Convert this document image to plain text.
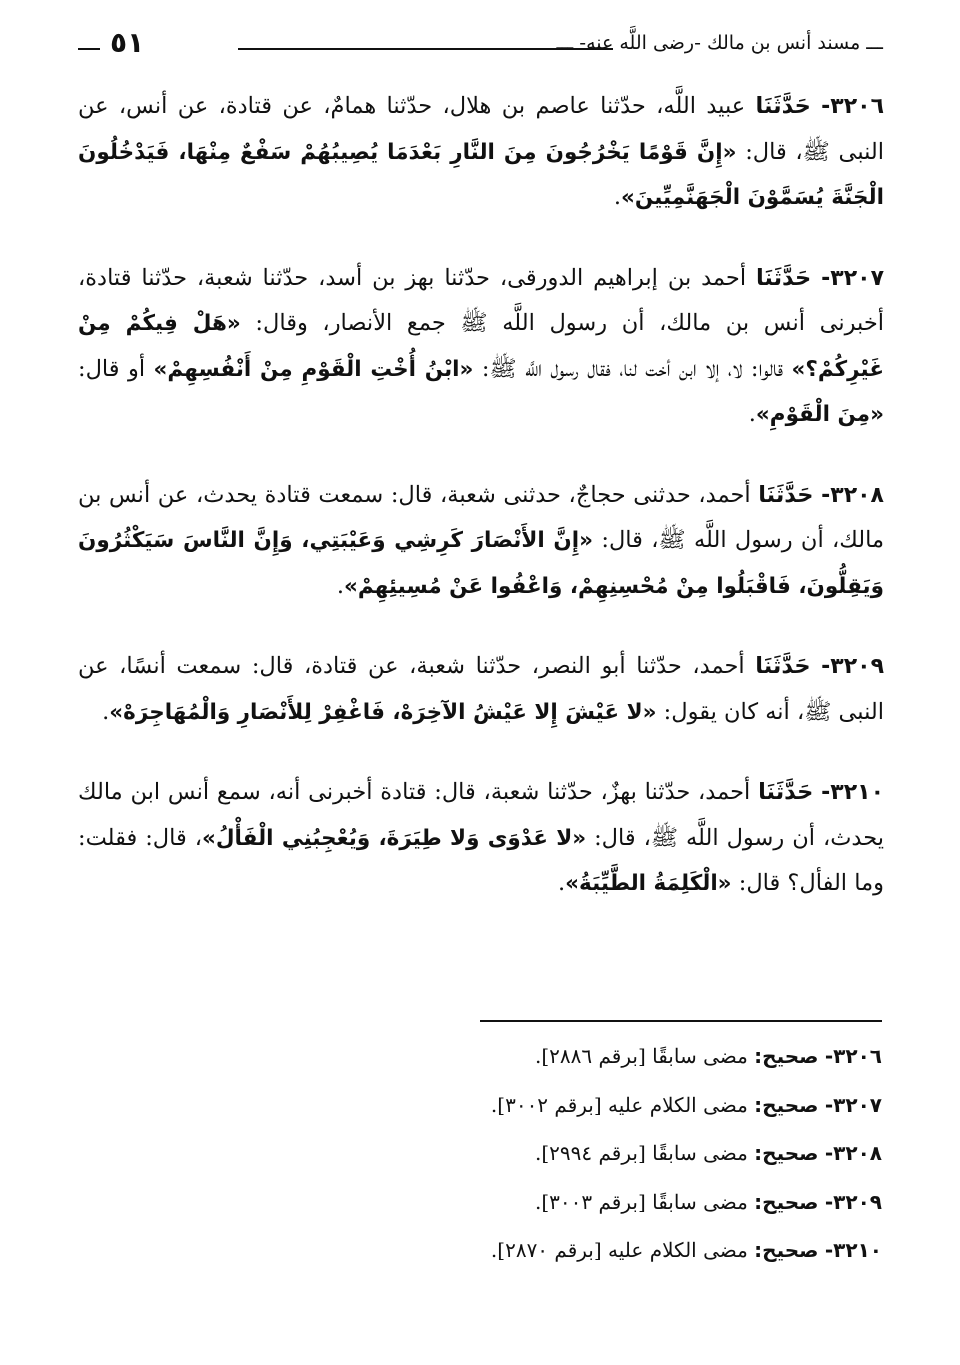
ـــ مسند أنس بن مالك -رضى اللَّه عنه- ـــ
٥١

٣٢٠٦- حَدَّثَنَا عبيد اللَّه، حدّثنا عاصم بن هلال، حدّثنا همامٌ، عن قتادة، عن أنس، عن النبى ﷺ، قال: «إِنَّ قَوْمًا يَخْرُجُونَ مِنَ النَّارِ بَعْدَمَا يُصِيبُهُمْ سَفْعٌ مِنْهَا، فَيَدْخُلُونَ الْجَنَّةَ يُسَمَّوْنَ الْجَهَنَّمِيِّينَ».

٣٢٠٧- حَدَّثَنَا أحمد بن إبراهيم الدورقى، حدّثنا بهز بن أسد، حدّثنا شعبة، حدّثنا قتادة، أخبرنى أنس بن مالك، أن رسول اللَّه ﷺ جمع الأنصار، وقال: «هَلْ فِيكُمْ مِنْ غَيْرِكُمْ؟» قالوا: لا، إلا ابن أخت لنا، فقال رسول اللَّه ﷺ: «ابْنُ أُخْتِ الْقَوْمِ مِنْ أَنْفُسِهِمْ» أو قال: «مِنَ الْقَوْمِ».

٣٢٠٨- حَدَّثَنَا أحمد، حدثنى حجاجٌ، حدثنى شعبة، قال: سمعت قتادة يحدث، عن أنس بن مالك، أن رسول اللَّه ﷺ، قال: «إِنَّ الأَنْصَارَ كَرِشِي وَعَيْبَتِي، وَإِنَّ النَّاسَ سَيَكْثُرُونَ وَيَقِلُّونَ، فَاقْبَلُوا مِنْ مُحْسِنِهِمْ، وَاعْفُوا عَنْ مُسِيئِهِمْ».

٣٢٠٩- حَدَّثَنَا أحمد، حدّثنا أبو النصر، حدّثنا شعبة، عن قتادة، قال: سمعت أنسًا، عن النبى ﷺ، أنه كان يقول: «لا عَيْشَ إِلا عَيْشُ الآخِرَهْ، فَاغْفِرْ لِلأَنْصَارِ وَالْمُهَاجِرَهْ».

٣٢١٠- حَدَّثَنَا أحمد، حدّثنا بهزٌ، حدّثنا شعبة، قال: قتادة أخبرنى أنه، سمع أنس ابن مالك يحدث، أن رسول اللَّه ﷺ، قال: «لا عَدْوَى وَلا طِيَرَةَ، وَيُعْجِبُنِي الْفَأْلُ»، قال: فقلت: وما الفأل؟ قال: «الْكَلِمَةُ الطَّيِّبَةُ».

٣٢٠٦- صحيح: مضى سابقًا [برقم ٢٨٨٦].
٣٢٠٧- صحيح: مضى الكلام عليه [برقم ٣٠٠٢].
٣٢٠٨- صحيح: مضى سابقًا [برقم ٢٩٩٤].
٣٢٠٩- صحيح: مضى سابقًا [برقم ٣٠٠٣].
٣٢١٠- صحيح: مضى الكلام عليه [برقم ٢٨٧٠].
